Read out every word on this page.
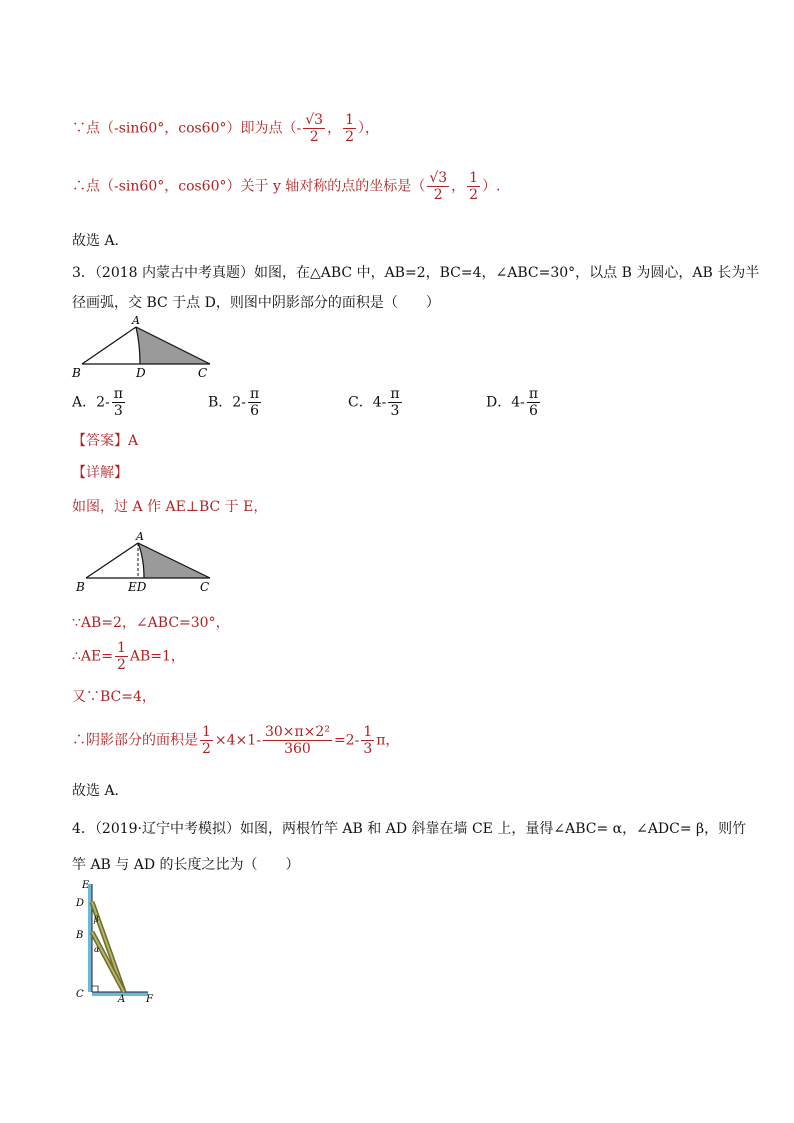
∵点（-sin60°，cos60°）即为点（- $\frac{√3}{2}$ ， $\frac{1}{2}$ ），
∴点（-sin60°，cos60°）关于 y 轴对称的点的坐标是（ $\frac{√3}{2}$ ， $\frac{1}{2}$ ）.
故选 A．
3．（2018 内蒙古中考真题）如图，在△ABC 中，AB=2，BC=4，∠ABC=30°，以点 B 为圆心，AB 长为半
径画弧，交 BC 于点 D，则图中阴影部分的面积是（　　）
A
B	D	C
A．$2- \frac{\pi}{3}$	B．$2- \frac{\pi}{6}$	C．$4- \frac{\pi}{3}$	D．$4- \frac{\pi}{6}$
【答案】A
【详解】
如图，过 A 作 AE⊥BC 于 E，
A
B	ED	C
∵AB=2，∠ABC=30°，
∴AE= $\frac{1}{2} AB=1$，
又∵BC=4，
∴阴影部分的面积是 $\frac{1}{2} \times 4\times 1- \frac{\text{30×π×2²}}{360} =2- \frac{1}{3}$ π，
故选 A．
4．（2019·辽宁中考模拟）如图，两根竹竿 AB 和 AD 斜靠在墙 CE 上，量得∠ABC= α，∠ADC= β，则竹
竿 AB 与 AD 的长度之比为（　　）
E
D
B
C	A F
β
α
